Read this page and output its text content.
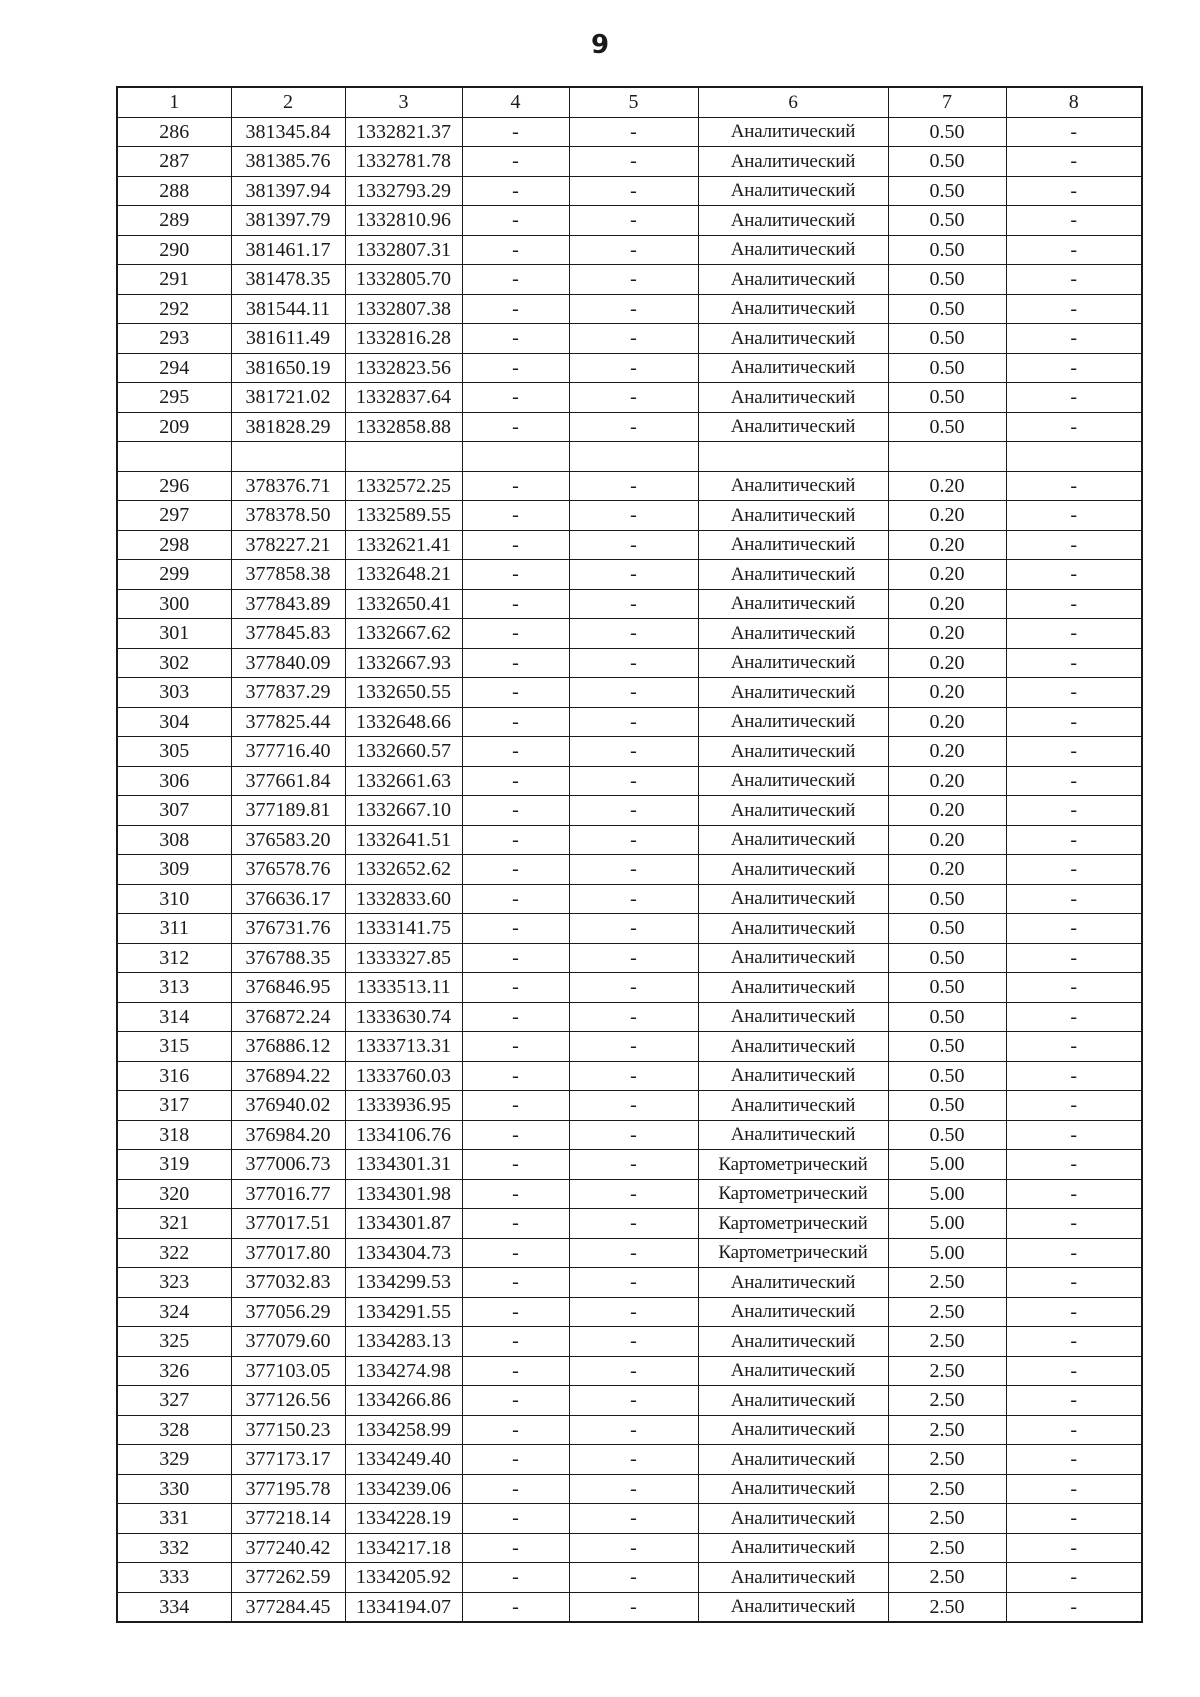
9
1	2	3	4	5	6	7	8
286	381345.84	1332821.37	-	-	Аналитический	0.50	-
287	381385.76	1332781.78	-	-	Аналитический	0.50	-
288	381397.94	1332793.29	-	-	Аналитический	0.50	-
289	381397.79	1332810.96	-	-	Аналитический	0.50	-
290	381461.17	1332807.31	-	-	Аналитический	0.50	-
291	381478.35	1332805.70	-	-	Аналитический	0.50	-
292	381544.11	1332807.38	-	-	Аналитический	0.50	-
293	381611.49	1332816.28	-	-	Аналитический	0.50	-
294	381650.19	1332823.56	-	-	Аналитический	0.50	-
295	381721.02	1332837.64	-	-	Аналитический	0.50	-
209	381828.29	1332858.88	-	-	Аналитический	0.50	-

296	378376.71	1332572.25	-	-	Аналитический	0.20	-
297	378378.50	1332589.55	-	-	Аналитический	0.20	-
298	378227.21	1332621.41	-	-	Аналитический	0.20	-
299	377858.38	1332648.21	-	-	Аналитический	0.20	-
300	377843.89	1332650.41	-	-	Аналитический	0.20	-
301	377845.83	1332667.62	-	-	Аналитический	0.20	-
302	377840.09	1332667.93	-	-	Аналитический	0.20	-
303	377837.29	1332650.55	-	-	Аналитический	0.20	-
304	377825.44	1332648.66	-	-	Аналитический	0.20	-
305	377716.40	1332660.57	-	-	Аналитический	0.20	-
306	377661.84	1332661.63	-	-	Аналитический	0.20	-
307	377189.81	1332667.10	-	-	Аналитический	0.20	-
308	376583.20	1332641.51	-	-	Аналитический	0.20	-
309	376578.76	1332652.62	-	-	Аналитический	0.20	-
310	376636.17	1332833.60	-	-	Аналитический	0.50	-
311	376731.76	1333141.75	-	-	Аналитический	0.50	-
312	376788.35	1333327.85	-	-	Аналитический	0.50	-
313	376846.95	1333513.11	-	-	Аналитический	0.50	-
314	376872.24	1333630.74	-	-	Аналитический	0.50	-
315	376886.12	1333713.31	-	-	Аналитический	0.50	-
316	376894.22	1333760.03	-	-	Аналитический	0.50	-
317	376940.02	1333936.95	-	-	Аналитический	0.50	-
318	376984.20	1334106.76	-	-	Аналитический	0.50	-
319	377006.73	1334301.31	-	-	Картометрический	5.00	-
320	377016.77	1334301.98	-	-	Картометрический	5.00	-
321	377017.51	1334301.87	-	-	Картометрический	5.00	-
322	377017.80	1334304.73	-	-	Картометрический	5.00	-
323	377032.83	1334299.53	-	-	Аналитический	2.50	-
324	377056.29	1334291.55	-	-	Аналитический	2.50	-
325	377079.60	1334283.13	-	-	Аналитический	2.50	-
326	377103.05	1334274.98	-	-	Аналитический	2.50	-
327	377126.56	1334266.86	-	-	Аналитический	2.50	-
328	377150.23	1334258.99	-	-	Аналитический	2.50	-
329	377173.17	1334249.40	-	-	Аналитический	2.50	-
330	377195.78	1334239.06	-	-	Аналитический	2.50	-
331	377218.14	1334228.19	-	-	Аналитический	2.50	-
332	377240.42	1334217.18	-	-	Аналитический	2.50	-
333	377262.59	1334205.92	-	-	Аналитический	2.50	-
334	377284.45	1334194.07	-	-	Аналитический	2.50	-
